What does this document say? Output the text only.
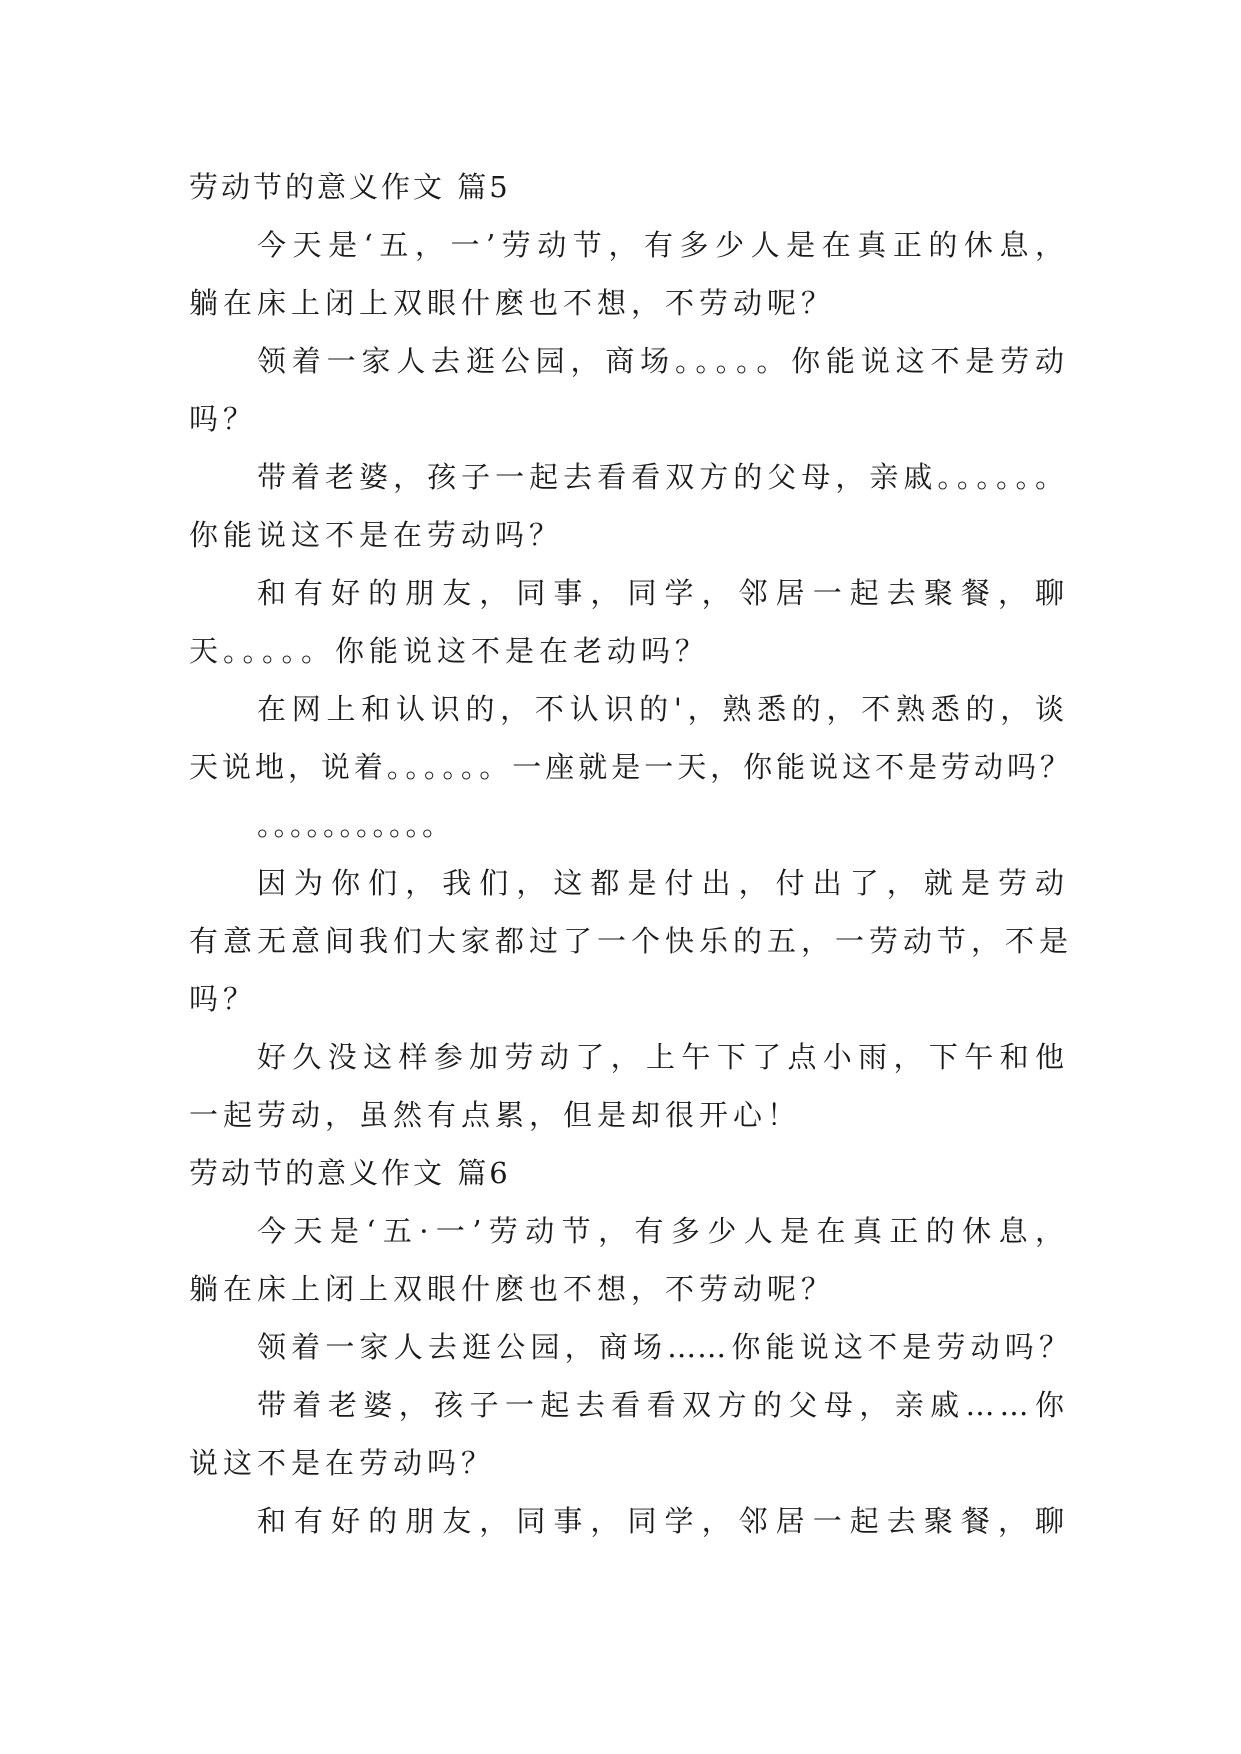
劳动节的意义作文 篇5
今天是‘五，一’劳动节，有多少人是在真正的休息，
躺在床上闭上双眼什麽也不想，不劳动呢？
领着一家人去逛公园，商场。。。。。你能说这不是劳动
吗？
带着老婆，孩子一起去看看双方的父母，亲戚。。。。。。
你能说这不是在劳动吗？
和有好的朋友，同事，同学，邻居一起去聚餐，聊
天。。。。。你能说这不是在老动吗？
在网上和认识的，不认识的'，熟悉的，不熟悉的，谈
天说地，说着。。。。。。一座就是一天，你能说这不是劳动吗？
。。。。。。。。。。。
因为你们，我们，这都是付出，付出了，就是劳动
有意无意间我们大家都过了一个快乐的五，一劳动节，不是
吗？
好久没这样参加劳动了，上午下了点小雨，下午和他
一起劳动，虽然有点累，但是却很开心！
劳动节的意义作文 篇6
今天是‘五·一’劳动节，有多少人是在真正的休息，
躺在床上闭上双眼什麽也不想，不劳动呢？
领着一家人去逛公园，商场……你能说这不是劳动吗？
带着老婆，孩子一起去看看双方的父母，亲戚……你
说这不是在劳动吗？
和有好的朋友，同事，同学，邻居一起去聚餐，聊
